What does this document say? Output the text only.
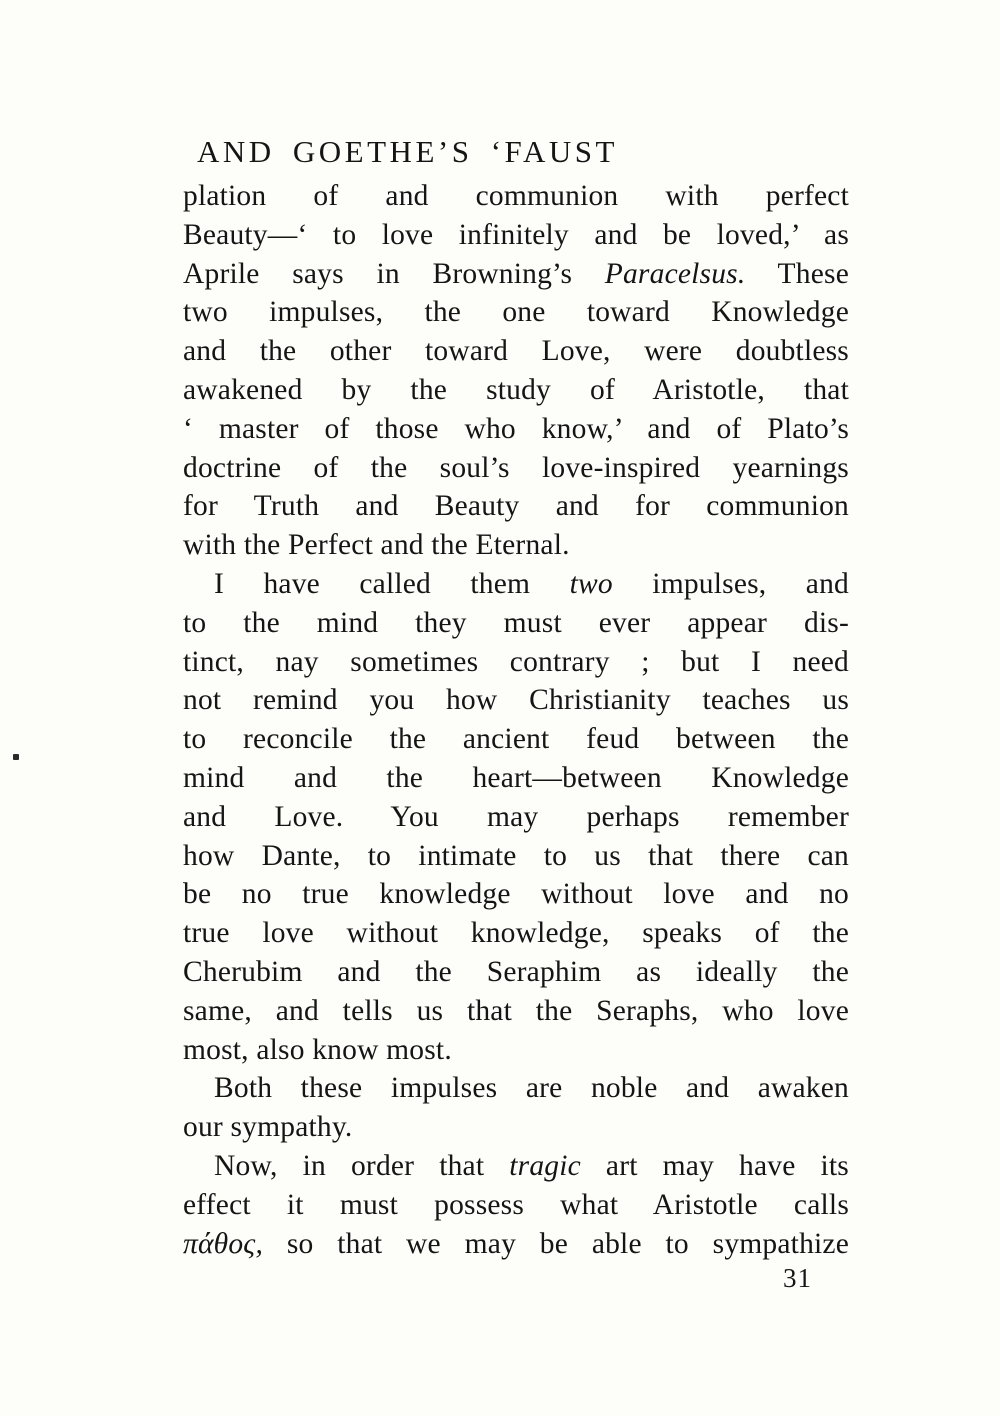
AND GOETHE’S ‘FAUST
plation of and communion with perfect
Beauty—‘ to love infinitely and be loved,’ as
Aprile says in Browning’s Paracelsus. These
two impulses, the one toward Knowledge
and the other toward Love, were doubtless
awakened by the study of Aristotle, that
‘ master of those who know,’ and of Plato’s
doctrine of the soul’s love-inspired yearnings
for Truth and Beauty and for communion
with the Perfect and the Eternal.
I have called them two impulses, and
to the mind they must ever appear dis-
tinct, nay sometimes contrary ; but I need
not remind you how Christianity teaches us
to reconcile the ancient feud between the
mind and the heart—between Knowledge
and Love. You may perhaps remember
how Dante, to intimate to us that there can
be no true knowledge without love and no
true love without knowledge, speaks of the
Cherubim and the Seraphim as ideally the
same, and tells us that the Seraphs, who love
most, also know most.
Both these impulses are noble and awaken
our sympathy.
Now, in order that tragic art may have its
effect it must possess what Aristotle calls
πάθος, so that we may be able to sympathize
31
